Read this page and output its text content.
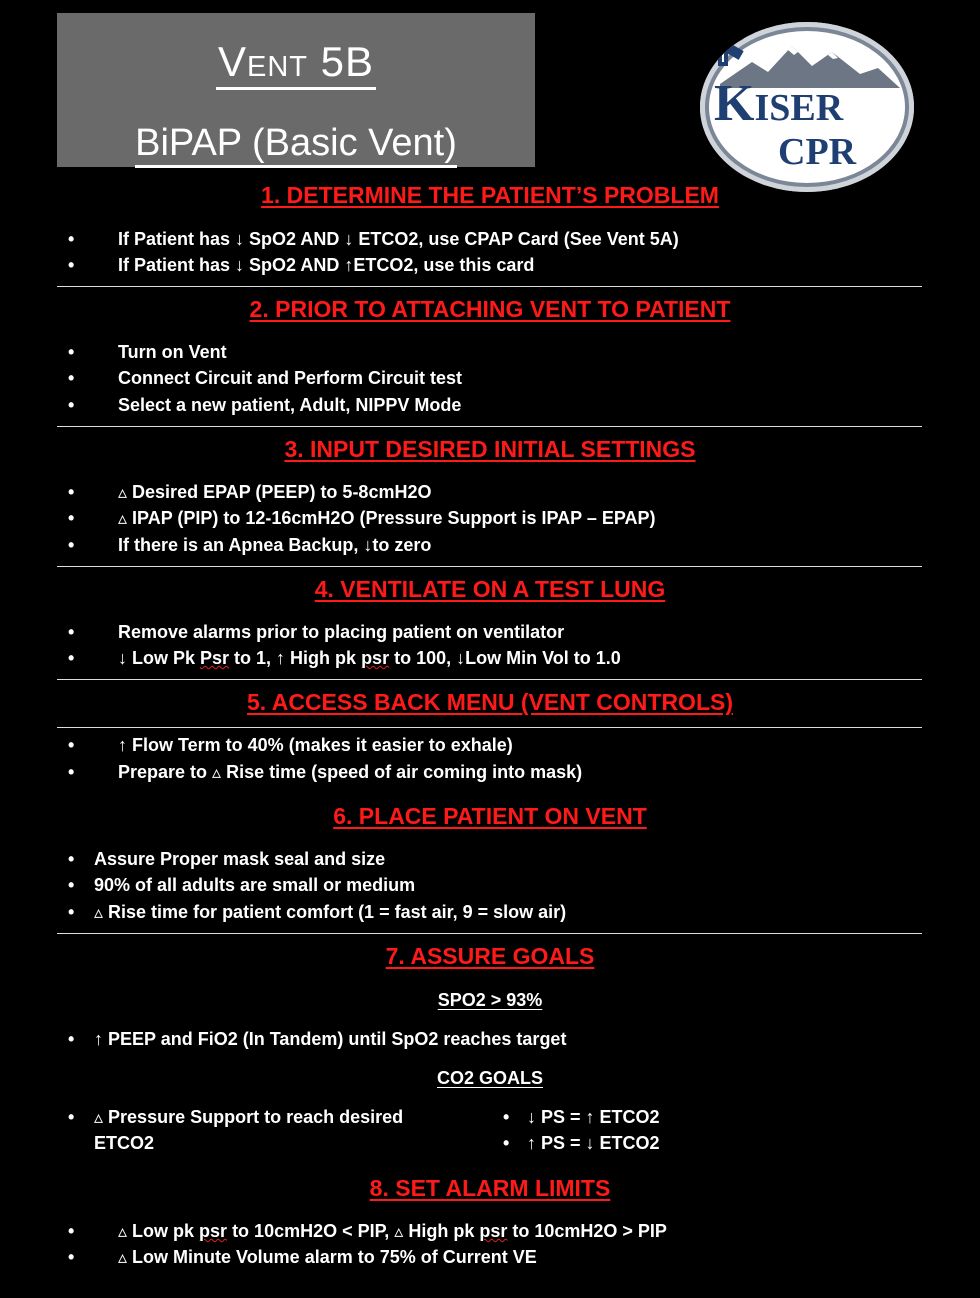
Vent 5B
BiPAP (Basic Vent)
KISER
CPR
1. DETERMINE THE PATIENT’S PROBLEM
• If Patient has ↓ SpO2 AND ↓ ETCO2, use CPAP Card (See Vent 5A)
• If Patient has ↓ SpO2 AND ↑ETCO2, use this card
2. PRIOR TO ATTACHING VENT TO PATIENT
• Turn on Vent
• Connect Circuit and Perform Circuit test
• Select a new patient, Adult, NIPPV Mode
3. INPUT DESIRED INITIAL SETTINGS
• ▵ Desired EPAP (PEEP) to 5-8cmH2O
• ▵ IPAP (PIP) to 12-16cmH2O (Pressure Support is IPAP – EPAP)
• If there is an Apnea Backup, ↓to zero
4. VENTILATE ON A TEST LUNG
• Remove alarms prior to placing patient on ventilator
• ↓ Low Pk Psr to 1, ↑ High pk psr to 100, ↓Low Min Vol to 1.0
5. ACCESS BACK MENU (VENT CONTROLS)
• ↑ Flow Term to 40% (makes it easier to exhale)
• Prepare to ▵ Rise time (speed of air coming into mask)
6. PLACE PATIENT ON VENT
• Assure Proper mask seal and size
• 90% of all adults are small or medium
• ▵ Rise time for patient comfort (1 = fast air, 9 = slow air)
7. ASSURE GOALS
SPO2 > 93%
• ↑ PEEP and FiO2 (In Tandem) until SpO2 reaches target
CO2 GOALS
• ▵ Pressure Support to reach desired
ETCO2
• ↓ PS = ↑ ETCO2
• ↑ PS = ↓ ETCO2
8. SET ALARM LIMITS
• ▵ Low pk psr to 10cmH2O < PIP, ▵ High pk psr to 10cmH2O > PIP
• ▵ Low Minute Volume alarm to 75% of Current VE
